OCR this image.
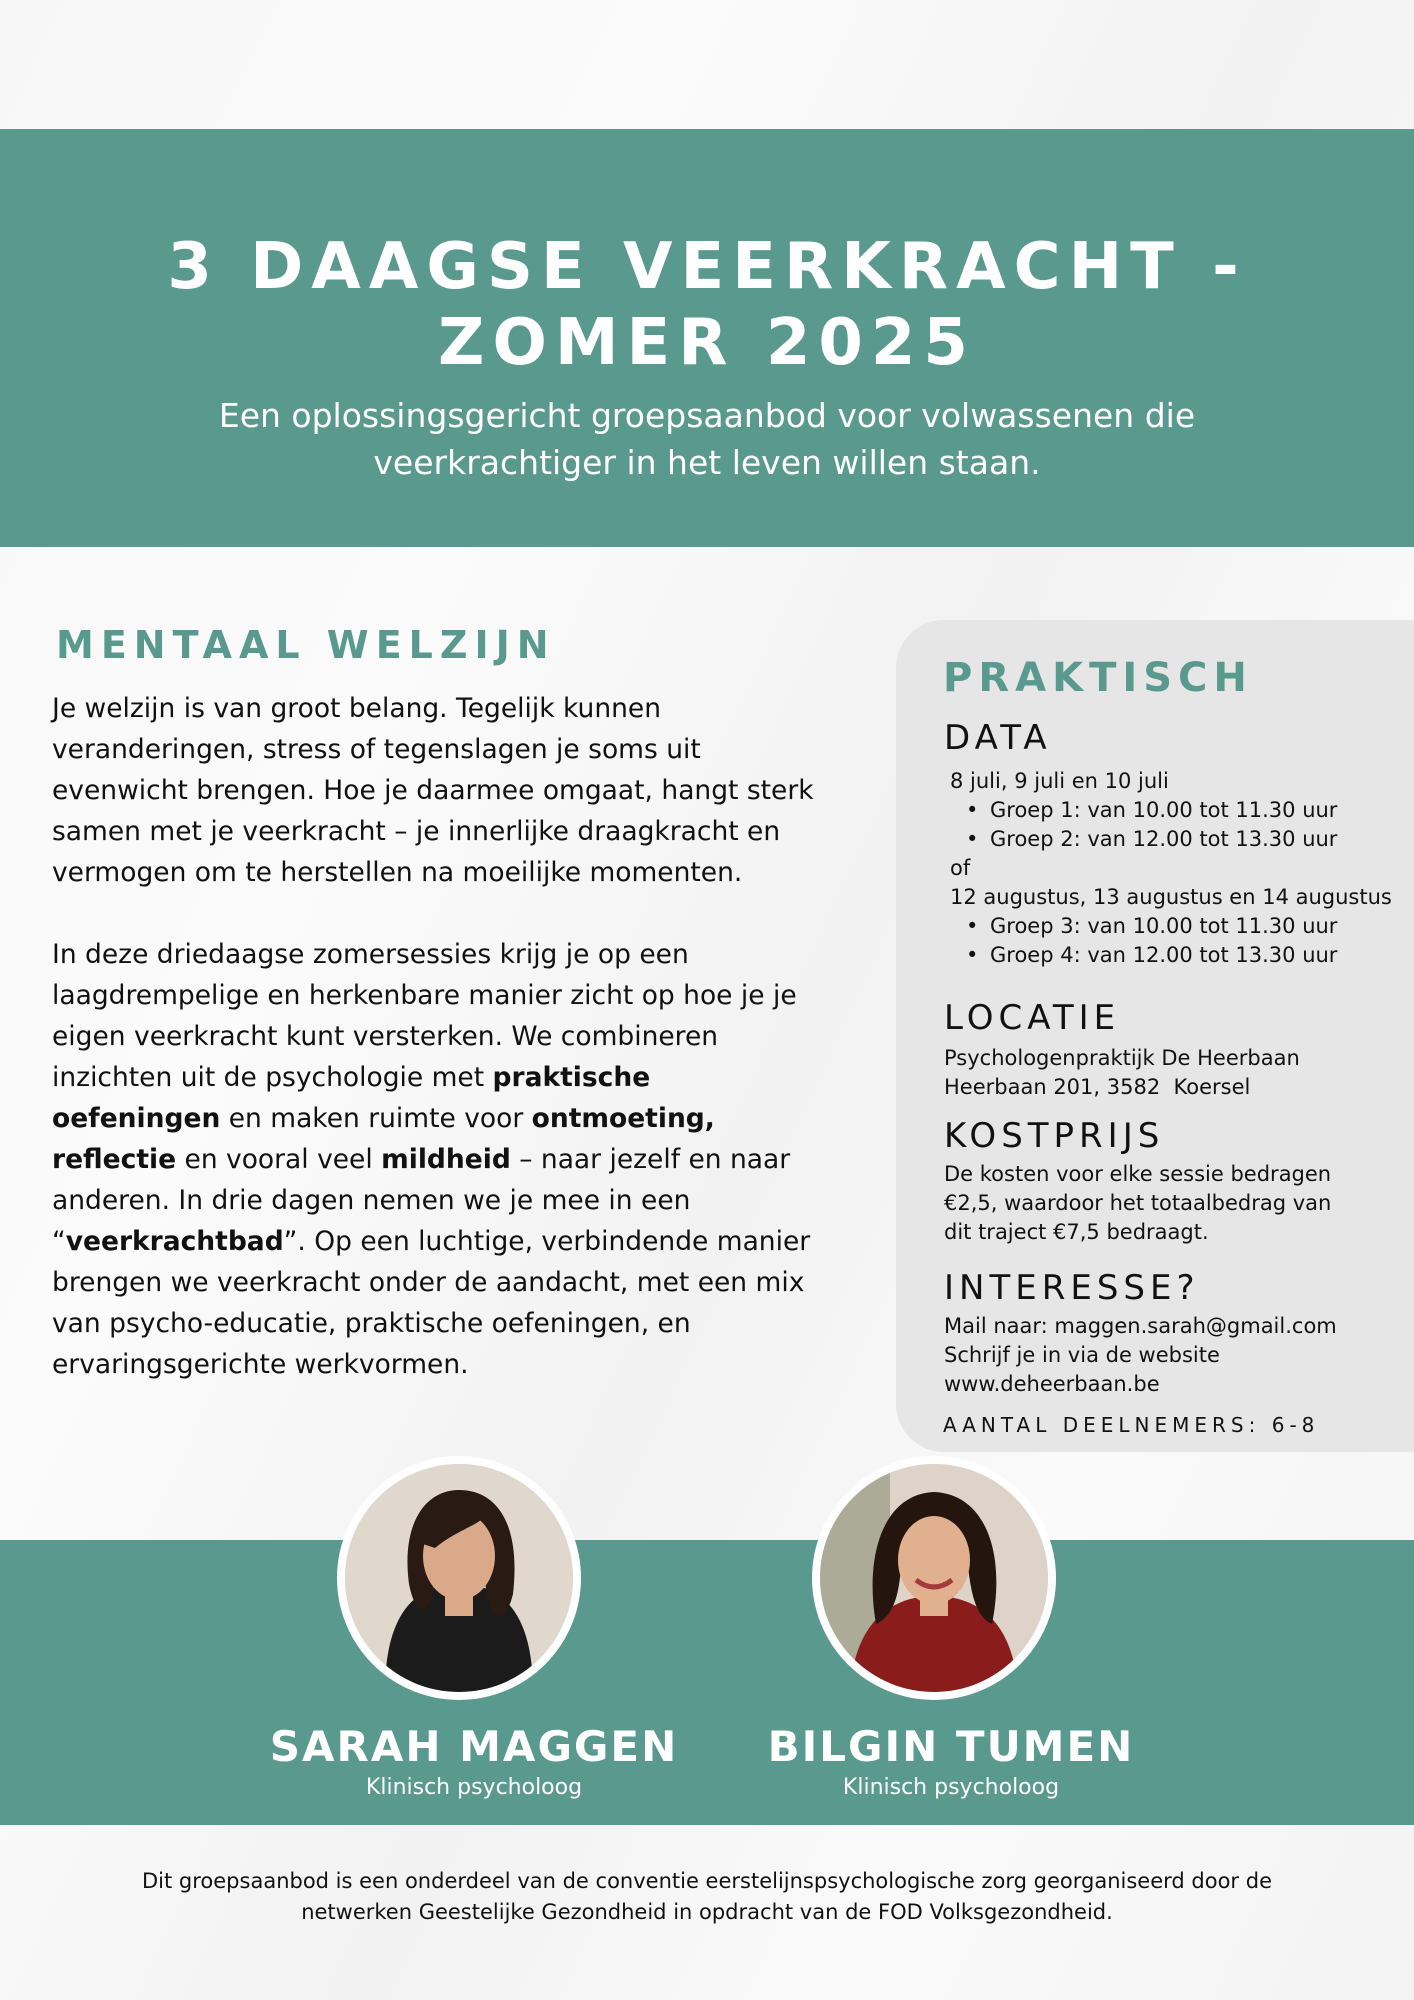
3 DAAGSE VEERKRACHT -
ZOMER 2025

Een oplossingsgericht groepsaanbod voor volwassenen die
veerkrachtiger in het leven willen staan.

MENTAAL WELZIJN

Je welzijn is van groot belang. Tegelijk kunnen veranderingen, stress of tegenslagen je soms uit evenwicht brengen. Hoe je daarmee omgaat, hangt sterk samen met je veerkracht – je innerlijke draagkracht en vermogen om te herstellen na moeilijke momenten.

In deze driedaagse zomersessies krijg je op een laagdrempelige en herkenbare manier zicht op hoe je je eigen veerkracht kunt versterken. We combineren inzichten uit de psychologie met praktische oefeningen en maken ruimte voor ontmoeting, reflectie en vooral veel mildheid – naar jezelf en naar anderen. In drie dagen nemen we je mee in een “veerkrachtbad”. Op een luchtige, verbindende manier brengen we veerkracht onder de aandacht, met een mix van psycho-educatie, praktische oefeningen, en ervaringsgerichte werkvormen.

PRAKTISCH
DATA
8 juli, 9 juli en 10 juli
• Groep 1: van 10.00 tot 11.30 uur
• Groep 2: van 12.00 tot 13.30 uur
of
12 augustus, 13 augustus en 14 augustus
• Groep 3: van 10.00 tot 11.30 uur
• Groep 4: van 12.00 tot 13.30 uur
LOCATIE
Psychologenpraktijk De Heerbaan
Heerbaan 201, 3582  Koersel
KOSTPRIJS
De kosten voor elke sessie bedragen
€2,5, waardoor het totaalbedrag van
dit traject €7,5 bedraagt.
INTERESSE?
Mail naar: maggen.sarah@gmail.com
Schrijf je in via de website
www.deheerbaan.be
AANTAL DEELNEMERS: 6-8
SARAH MAGGEN

Klinisch psycholoog

BILGIN TUMEN

Klinisch psycholoog

Dit groepsaanbod is een onderdeel van de conventie eerstelijnspsychologische zorg georganiseerd door de
netwerken Geestelijke Gezondheid in opdracht van de FOD Volksgezondheid.
